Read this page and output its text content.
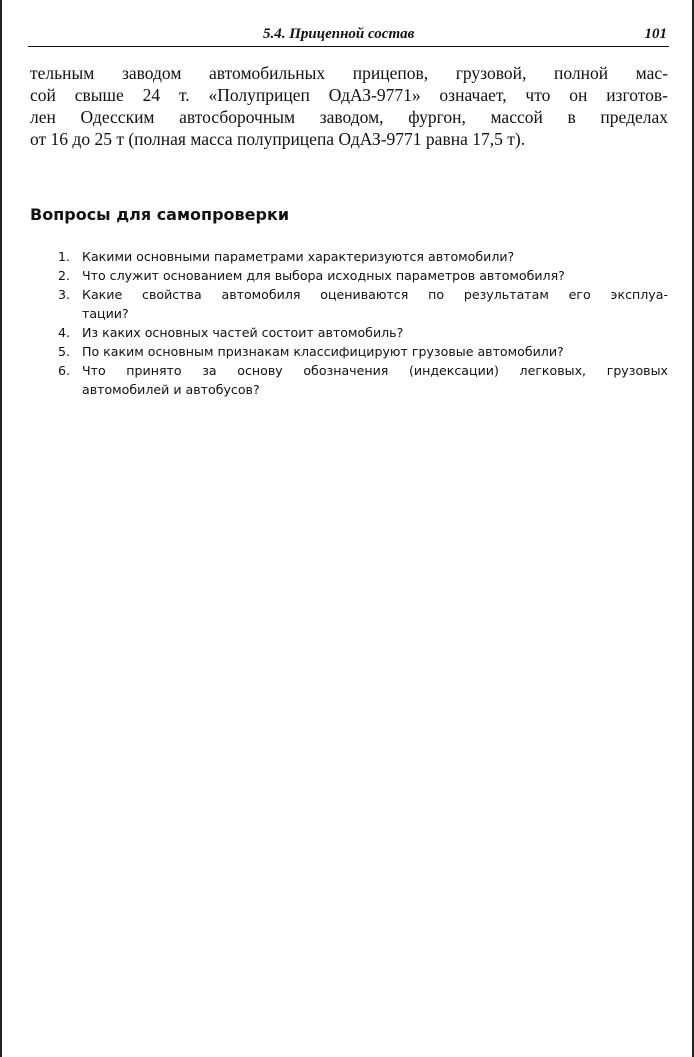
5.4. Прицепной состав	101
тельным заводом автомобильных прицепов, грузовой, полной мас-
сой свыше 24 т. «Полуприцеп ОдАЗ-9771» означает, что он изготов-
лен Одесским автосборочным заводом, фургон, массой в пределах
от 16 до 25 т (полная масса полуприцепа ОдАЗ-9771 равна 17,5 т).
Вопросы для самопроверки
1. Какими основными параметрами характеризуются автомобили?
2. Что служит основанием для выбора исходных параметров автомобиля?
3. Какие свойства автомобиля оцениваются по результатам его эксплуа-
тации?
4. Из каких основных частей состоит автомобиль?
5. По каким основным признакам классифицируют грузовые автомобили?
6. Что принято за основу обозначения (индексации) легковых, грузовых
автомобилей и автобусов?
